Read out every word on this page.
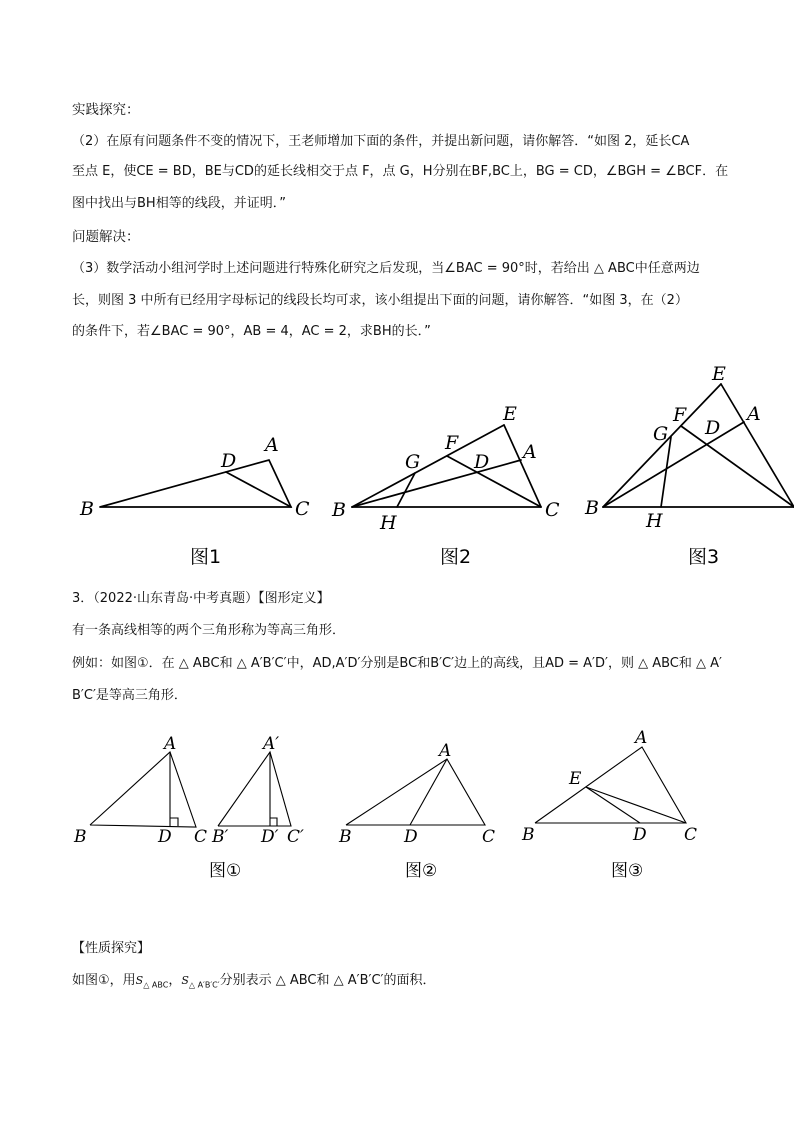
实践探究：
（2）在原有问题条件不变的情况下，王老师增加下面的条件，并提出新问题，请你解答．“如图 2，延长CA
至点 E，使CE = BD，BE与CD的延长线相交于点 F，点 G，H分别在BF,BC上，BG = CD，∠BGH = ∠BCF．在
图中找出与BH相等的线段，并证明．”
问题解决：
（3）数学活动小组河学时上述问题进行特殊化研究之后发现，当∠BAC = 90°时，若给出 △ ABC中任意两边
长，则图 3 中所有已经用字母标记的线段长均可求，该小组提出下面的问题，请你解答．“如图 3，在（2）
的条件下，若∠BAC = 90°，AB = 4，AC = 2，求BH的长．”
B
A
C
D
图1
B	C
E
F
G	D A
H
图2
B
E
A
F
G D
H
图3
A
B	D C
A′
B′ D′ C′
图①
A
B	D	C
图②
A
E
B	D C
图③
3．（2022·山东青岛·中考真题）【图形定义】
有一条高线相等的两个三角形称为等高三角形．
例如：如图①．在 △ ABC和 △ A′B′C′中，AD,A′D′分别是BC和B′C′边上的高线，且AD = A′D′，则 △ ABC和 △ A′
B′C′是等高三角形．
【性质探究】
如图①，用$S_{\triangle ABC}$，$S_{\triangle A'B'C'}$分别表示 △ ABC和 △ A′B′C′的面积．
